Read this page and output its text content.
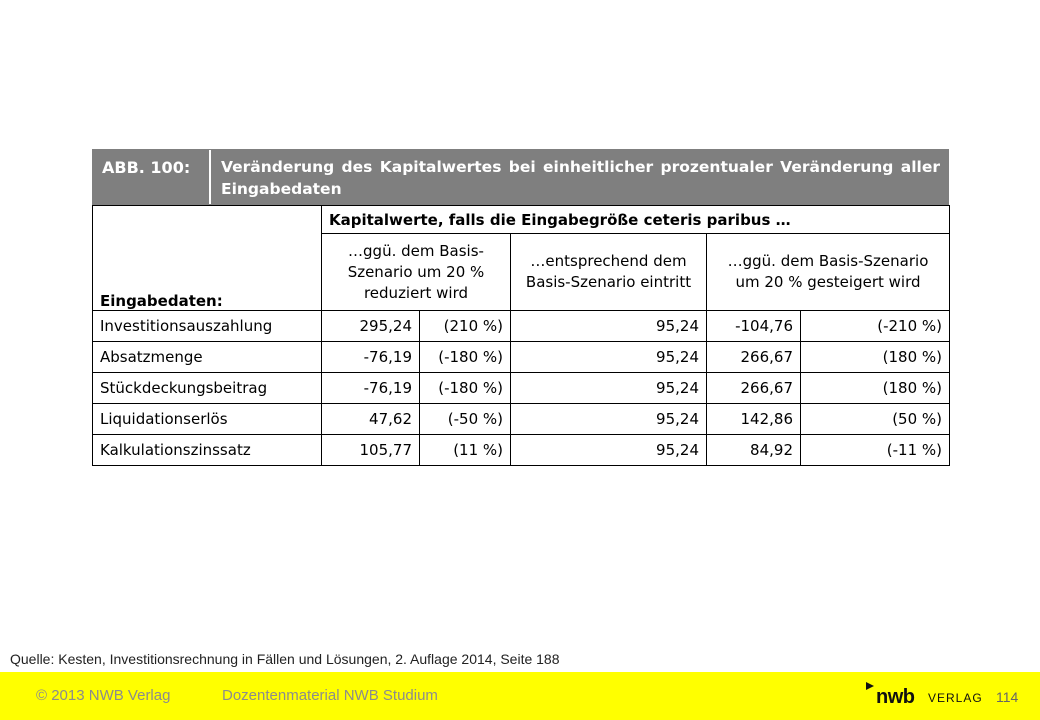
ABB. 100:	Veränderung des Kapitalwertes bei einheitlicher prozentualer Veränderung aller Eingabedaten
Eingabedaten:	Kapitalwerte, falls die Eingabegröße ceteris paribus …				
	…ggü. dem Basis-Szenario um 20 % reduziert wird		…entsprechend dem Basis-Szenario eintritt	…ggü. dem Basis-Szenario um 20 % gesteigert wird	
Investitionsauszahlung	295,24	(210 %)	95,24	-104,76	(-210 %)
Absatzmenge	-76,19	(-180 %)	95,24	266,67	(180 %)
Stückdeckungsbeitrag	-76,19	(-180 %)	95,24	266,67	(180 %)
Liquidationserlös	47,62	(-50 %)	95,24	142,86	(50 %)
Kalkulationszinssatz	105,77	(11 %)	95,24	84,92	(-11 %)
Quelle: Kesten, Investitionsrechnung in Fällen und Lösungen, 2. Auflage 2014, Seite 188
© 2013 NWB Verlag	Dozentenmaterial NWB Studium	nwb VERLAG 114
